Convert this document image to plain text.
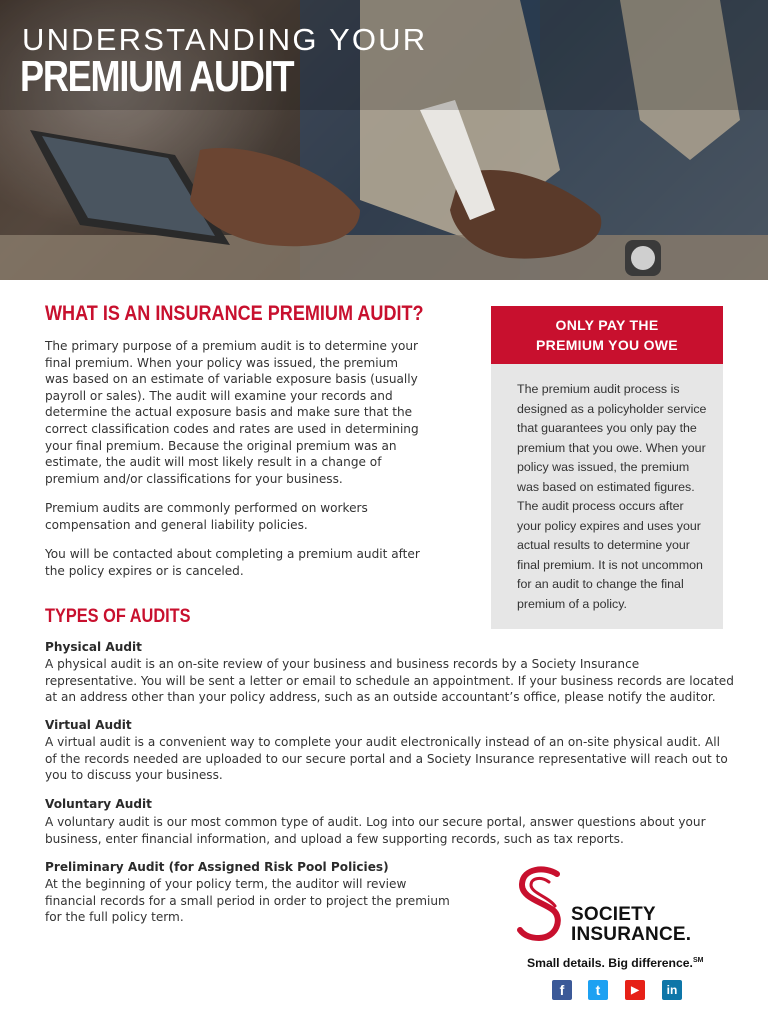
UNDERSTANDING YOUR
PREMIUM AUDIT
WHAT IS AN INSURANCE PREMIUM AUDIT?

The primary purpose of a premium audit is to determine your final premium. When your policy was issued, the premium was based on an estimate of variable exposure basis (usually payroll or sales). The audit will examine your records and determine the actual exposure basis and make sure that the correct classification codes and rates are used in determining your final premium. Because the original premium was an estimate, the audit will most likely result in a change of premium and/or classifications for your business.

Premium audits are commonly performed on workers compensation and general liability policies.

You will be contacted about completing a premium audit after the policy expires or is canceled.

ONLY PAY THE
PREMIUM YOU OWE

The premium audit process is designed as a policyholder service that guarantees you only pay the premium that you owe. When your policy was issued, the premium was based on estimated figures. The audit process occurs after your policy expires and uses your actual results to determine your final premium. It is not uncommon for an audit to change the final premium of a policy.

TYPES OF AUDITS
Physical Audit

A physical audit is an on-site review of your business and business records by a Society Insurance representative. You will be sent a letter or email to schedule an appointment. If your business records are located at an address other than your policy address, such as an outside accountant’s office, please notify the auditor.

Virtual Audit

A virtual audit is a convenient way to complete your audit electronically instead of an on-site physical audit. All of the records needed are uploaded to our secure portal and a Society Insurance representative will reach out to you to discuss your business.

Voluntary Audit

A voluntary audit is our most common type of audit. Log into our secure portal, answer questions about your business, enter financial information, and upload a few supporting records, such as tax reports.

Preliminary Audit (for Assigned Risk Pool Policies)

At the beginning of your policy term, the auditor will review financial records for a small period in order to project the premium for the full policy term.	SOCIETY
INSURANCE.
Small details. Big difference.℠
f	t	▶	in
